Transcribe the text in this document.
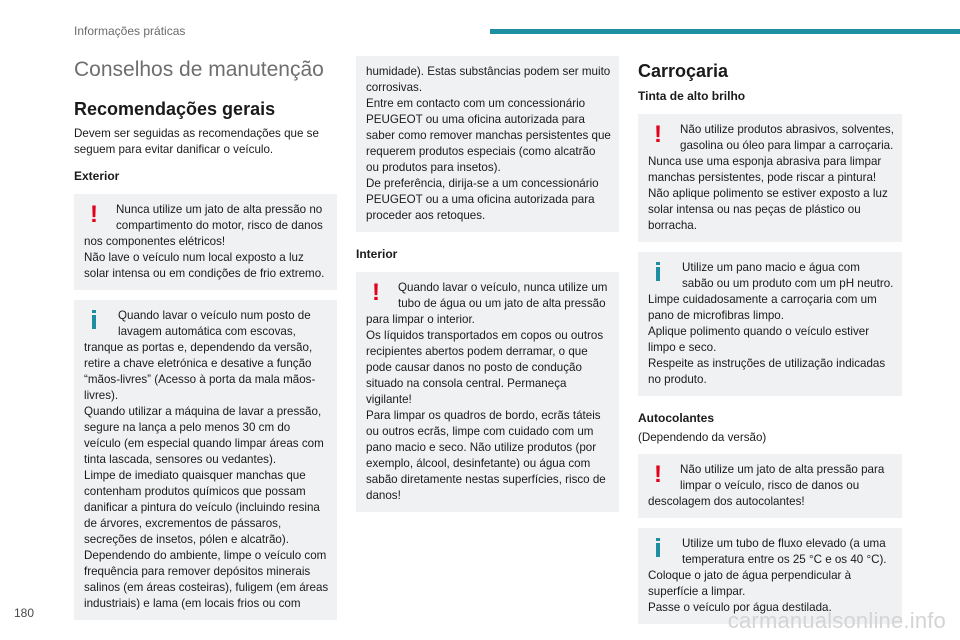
Informações práticas
Conselhos de manutenção
Recomendações gerais

Devem ser seguidas as recomendações que se seguem para evitar danificar o veículo.

Exterior
!	Nunca utilize um jato de alta pressão no compartimento do motor, risco de danos nos componentes elétricos!
Não lave o veículo num local exposto a luz solar intensa ou em condições de frio extremo.
Quando lavar o veículo num posto de lavagem automática com escovas, tranque as portas e, dependendo da versão, retire a chave eletrónica e desative a função “mãos-livres” (Acesso à porta da mala mãos-livres).
Quando utilizar a máquina de lavar a pressão, segure na lança a pelo menos 30 cm do veículo (em especial quando limpar áreas com tinta lascada, sensores ou vedantes).
Limpe de imediato quaisquer manchas que contenham produtos químicos que possam danificar a pintura do veículo (incluindo resina de árvores, excrementos de pássaros, secreções de insetos, pólen e alcatrão).
Dependendo do ambiente, limpe o veículo com frequência para remover depósitos minerais salinos (em áreas costeiras), fuligem (em áreas industriais) e lama (em locais frios ou com
humidade). Estas substâncias podem ser muito corrosivas.
Entre em contacto com um concessionário PEUGEOT ou uma oficina autorizada para saber como remover manchas persistentes que requerem produtos especiais (como alcatrão ou produtos para insetos).
De preferência, dirija-se a um concessionário PEUGEOT ou a uma oficina autorizada para proceder aos retoques.
Interior
!	Quando lavar o veículo, nunca utilize um tubo de água ou um jato de alta pressão para limpar o interior.
Os líquidos transportados em copos ou outros recipientes abertos podem derramar, o que pode causar danos no posto de condução situado na consola central. Permaneça vigilante!
Para limpar os quadros de bordo, ecrãs táteis ou outros ecrãs, limpe com cuidado com um pano macio e seco. Não utilize produtos (por exemplo, álcool, desinfetante) ou água com sabão diretamente nestas superfícies, risco de danos!
Carroçaria
Tinta de alto brilho
!	Não utilize produtos abrasivos, solventes, gasolina ou óleo para limpar a carroçaria.
Nunca use uma esponja abrasiva para limpar manchas persistentes, pode riscar a pintura!
Não aplique polimento se estiver exposto a luz solar intensa ou nas peças de plástico ou borracha.
Utilize um pano macio e água com sabão ou um produto com um pH neutro.
Limpe cuidadosamente a carroçaria com um pano de microfibras limpo.
Aplique polimento quando o veículo estiver limpo e seco.
Respeite as instruções de utilização indicadas no produto.
Autocolantes
(Dependendo da versão)
!	Não utilize um jato de alta pressão para limpar o veículo, risco de danos ou descolagem dos autocolantes!
Utilize um tubo de fluxo elevado (a uma temperatura entre os 25 °C e os 40 °C).
Coloque o jato de água perpendicular à superfície a limpar.
Passe o veículo por água destilada.
180	carmanualsonline.info
